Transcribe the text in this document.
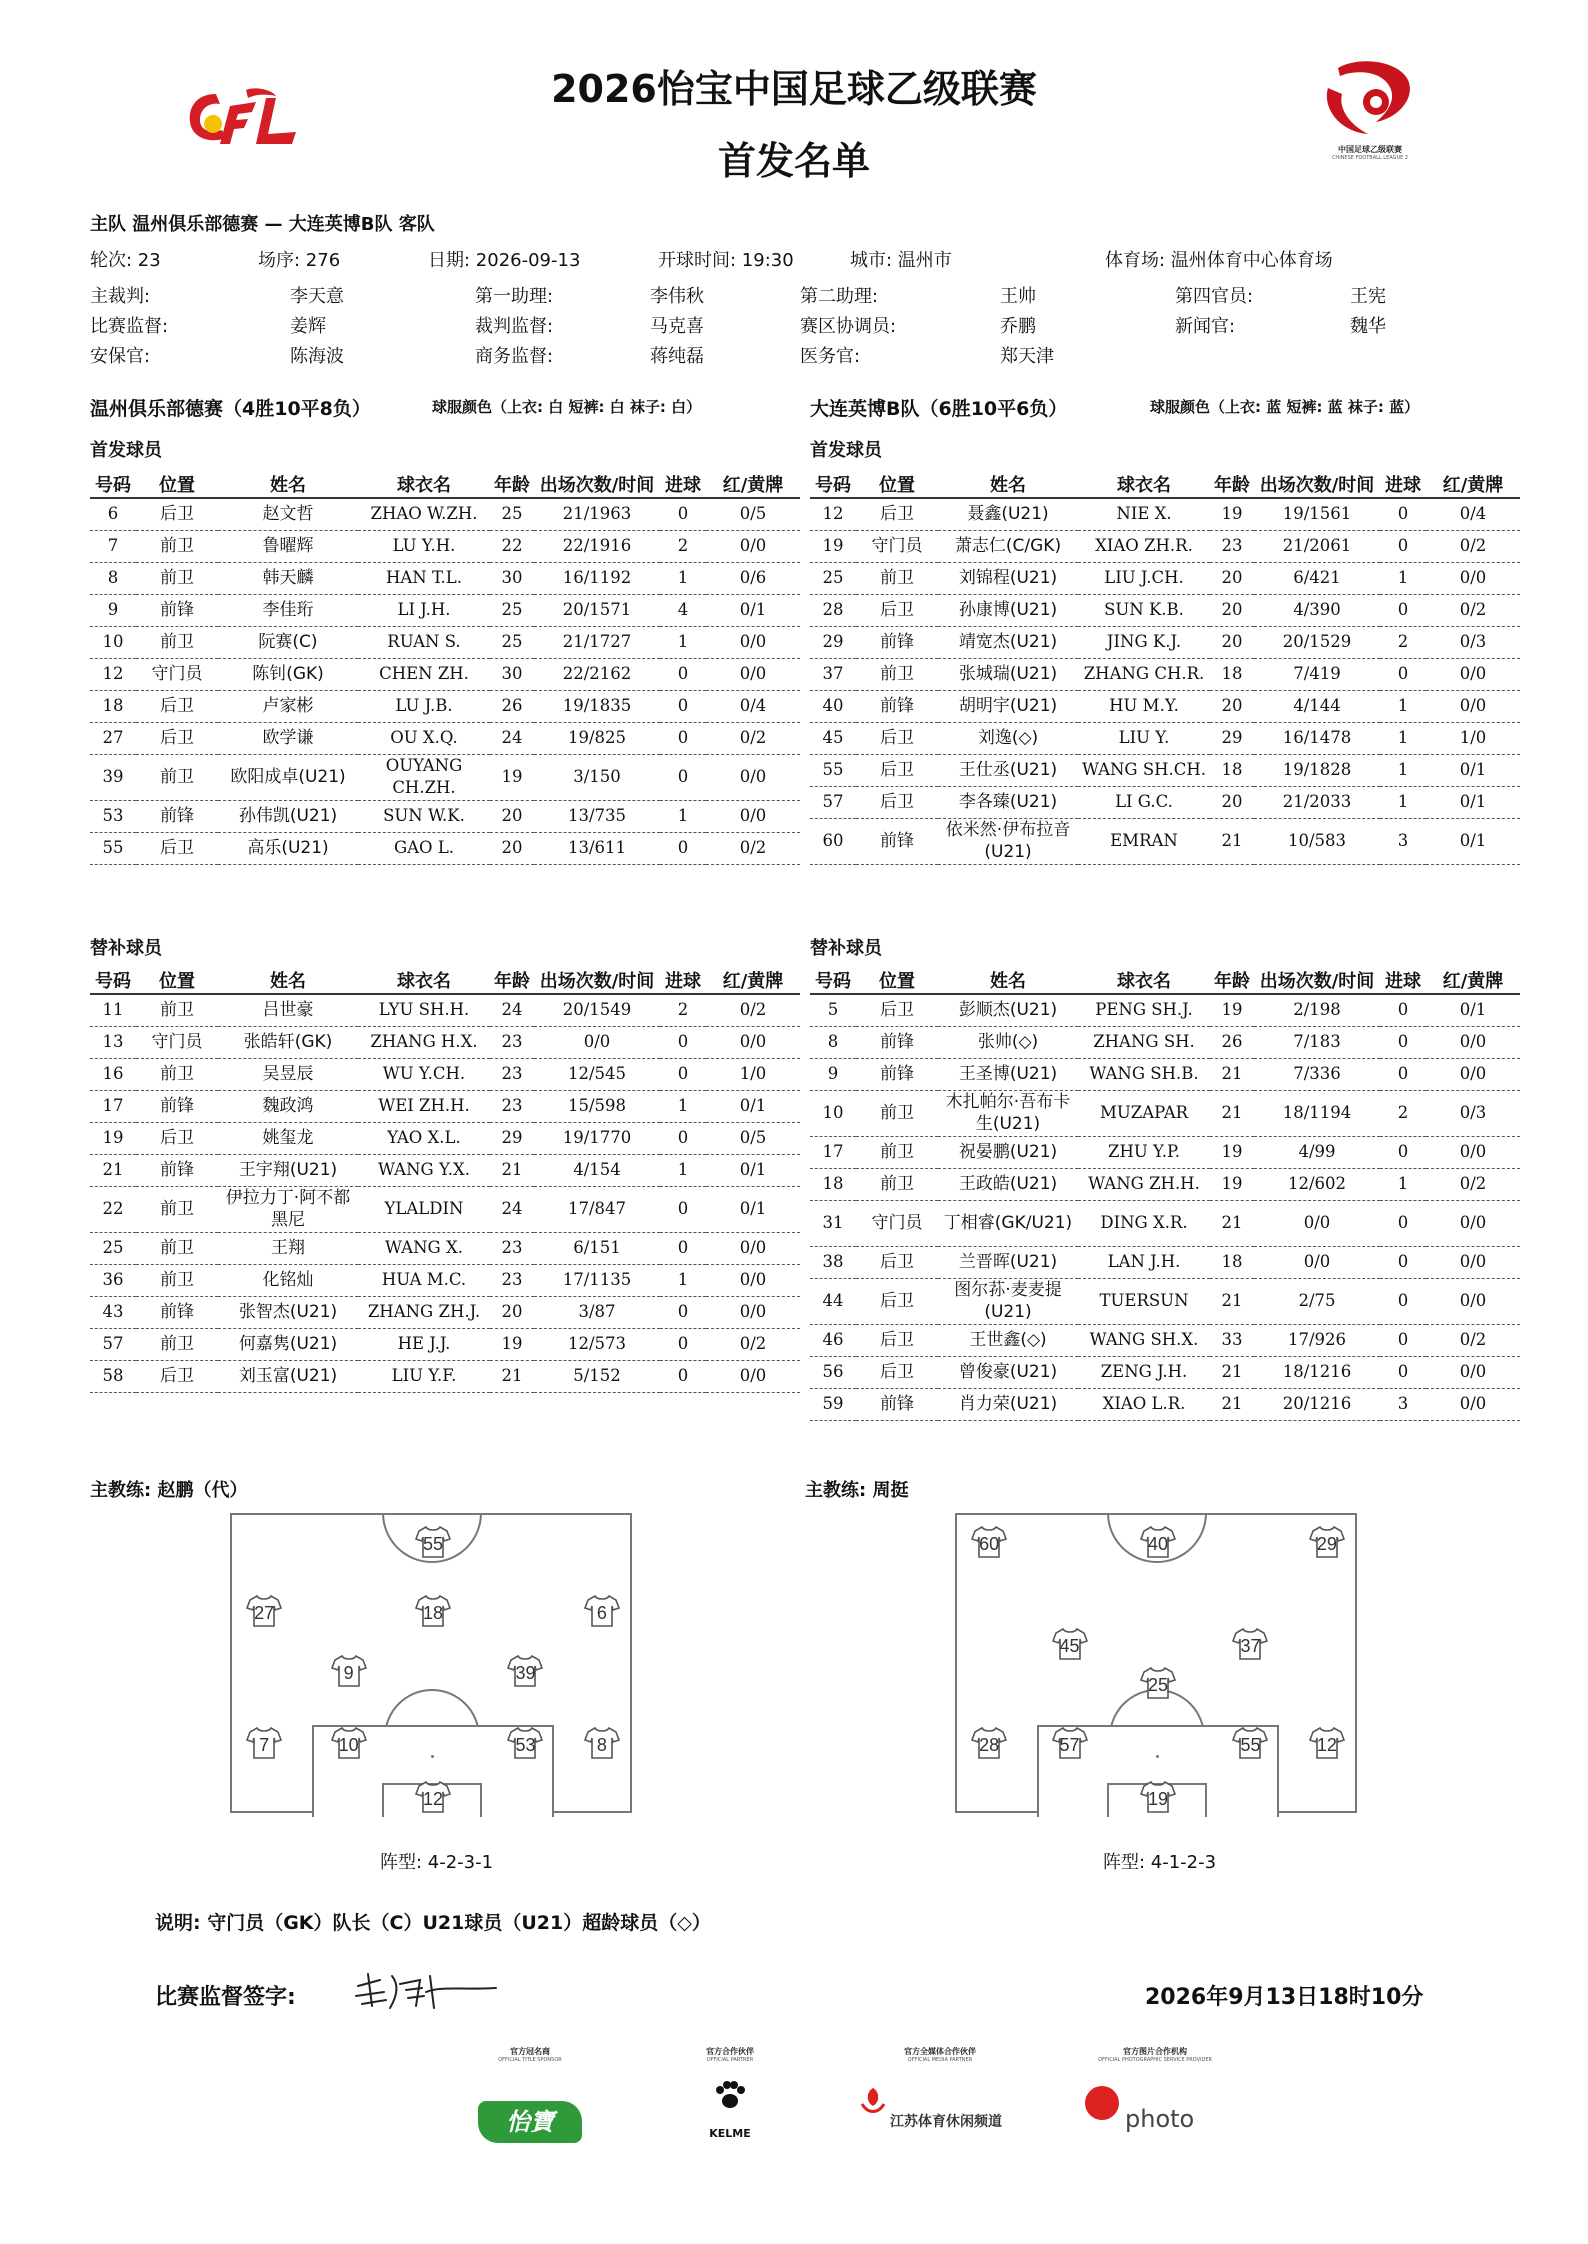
2026怡宝中国足球乙级联赛
首发名单	中国足球乙级联赛
CHINESE FOOTBALL LEAGUE 2
主队 温州俱乐部德赛 — 大连英博B队 客队
轮次: 23	场序: 276	日期: 2026-09-13	开球时间: 19:30	城市: 温州市	体育场: 温州体育中心体育场
主裁判:	李天意	第一助理:	李伟秋	第二助理:	王帅	第四官员:	王宪
比赛监督:	姜辉	裁判监督:	马克喜	赛区协调员:	乔鹏	新闻官:	魏华
安保官:	陈海波	商务监督:	蒋纯磊	医务官:	郑天津
温州俱乐部德赛（4胜10平8负）	球服颜色（上衣: 白 短裤: 白 袜子: 白）	大连英博B队（6胜10平6负）	球服颜色（上衣: 蓝 短裤: 蓝 袜子: 蓝）
首发球员	首发球员
号码	位置	姓名	球衣名	年龄	出场次数/时间	进球	红/黄牌
6	后卫	赵文哲	ZHAO W.ZH.	25	21/1963	0	0/5
7	前卫	鲁曜辉	LU Y.H.	22	22/1916	2	0/0
8	前卫	韩天麟	HAN T.L.	30	16/1192	1	0/6
9	前锋	李佳珩	LI J.H.	25	20/1571	4	0/1
10	前卫	阮赛(C)	RUAN S.	25	21/1727	1	0/0
12	守门员	陈钊(GK)	CHEN ZH.	30	22/2162	0	0/0
18	后卫	卢家彬	LU J.B.	26	19/1835	0	0/4
27	后卫	欧学谦	OU X.Q.	24	19/825	0	0/2
39	前卫	欧阳成卓(U21)	OUYANG CH.ZH.	19	3/150	0	0/0
53	前锋	孙伟凯(U21)	SUN W.K.	20	13/735	1	0/0
55	后卫	高乐(U21)	GAO L.	20	13/611	0	0/2
号码	位置	姓名	球衣名	年龄	出场次数/时间	进球	红/黄牌
12	后卫	聂鑫(U21)	NIE X.	19	19/1561	0	0/4
19	守门员	萧志仁(C/GK)	XIAO ZH.R.	23	21/2061	0	0/2
25	前卫	刘锦程(U21)	LIU J.CH.	20	6/421	1	0/0
28	后卫	孙康博(U21)	SUN K.B.	20	4/390	0	0/2
29	前锋	靖宽杰(U21)	JING K.J.	20	20/1529	2	0/3
37	前卫	张城瑞(U21)	ZHANG CH.R.	18	7/419	0	0/0
40	前锋	胡明宇(U21)	HU M.Y.	20	4/144	1	0/0
45	后卫	刘逸(◇)	LIU Y.	29	16/1478	1	1/0
55	后卫	王仕丞(U21)	WANG SH.CH.	18	19/1828	1	0/1
57	后卫	李各臻(U21)	LI G.C.	20	21/2033	1	0/1
60	前锋	依米然·伊布拉音(U21)	EMRAN	21	10/583	3	0/1
替补球员	替补球员
号码	位置	姓名	球衣名	年龄	出场次数/时间	进球	红/黄牌
11	前卫	吕世豪	LYU SH.H.	24	20/1549	2	0/2
13	守门员	张皓轩(GK)	ZHANG H.X.	23	0/0	0	0/0
16	前卫	吴昱辰	WU Y.CH.	23	12/545	0	1/0
17	前锋	魏政鸿	WEI ZH.H.	23	15/598	1	0/1
19	后卫	姚玺龙	YAO X.L.	29	19/1770	0	0/5
21	前锋	王宇翔(U21)	WANG Y.X.	21	4/154	1	0/1
22	前卫	伊拉力丁·阿不都黑尼	YLALDIN	24	17/847	0	0/1
25	前卫	王翔	WANG X.	23	6/151	0	0/0
36	前卫	化铭灿	HUA M.C.	23	17/1135	1	0/0
43	前锋	张智杰(U21)	ZHANG ZH.J.	20	3/87	0	0/0
57	前卫	何嘉隽(U21)	HE J.J.	19	12/573	0	0/2
58	后卫	刘玉富(U21)	LIU Y.F.	21	5/152	0	0/0
号码	位置	姓名	球衣名	年龄	出场次数/时间	进球	红/黄牌
5	后卫	彭顺杰(U21)	PENG SH.J.	19	2/198	0	0/1
8	前锋	张帅(◇)	ZHANG SH.	26	7/183	0	0/0
9	前锋	王圣博(U21)	WANG SH.B.	21	7/336	0	0/0
10	前卫	木扎帕尔·吾布卡生(U21)	MUZAPAR	21	18/1194	2	0/3
17	前卫	祝晏鹏(U21)	ZHU Y.P.	19	4/99	0	0/0
18	前卫	王政皓(U21)	WANG ZH.H.	19	12/602	1	0/2
31	守门员	丁相睿(GK/U21)	DING X.R.	21	0/0	0	0/0
38	后卫	兰晋晖(U21)	LAN J.H.	18	0/0	0	0/0
44	后卫	图尔荪·麦麦提(U21)	TUERSUN	21	2/75	0	0/0
46	后卫	王世鑫(◇)	WANG SH.X.	33	17/926	0	0/2
56	后卫	曾俊豪(U21)	ZENG J.H.	21	18/1216	0	0/0
59	前锋	肖力荣(U21)	XIAO L.R.	21	20/1216	3	0/0
主教练: 赵鹏（代）	主教练: 周挺
55
27	18	6
9	39
7	10	53	8
12
60	40	29
45	37
25
28	57	55	12
19
阵型: 4-2-3-1	阵型: 4-1-2-3
说明: 守门员（GK）队长（C）U21球员（U21）超龄球员（◇）
比赛监督签字:	2026年9月13日18时10分
官方冠名商
OFFICIAL TITLE SPONSOR
怡寶
官方合作伙伴
OFFICIAL PARTNER
KELME
官方全媒体合作伙伴
OFFICIAL MEDIA PARTNER
江苏体育休闲频道
官方图片合作机构
OFFICIAL PHOTOGRAPHIC SERVICE PROVIDER
photo
